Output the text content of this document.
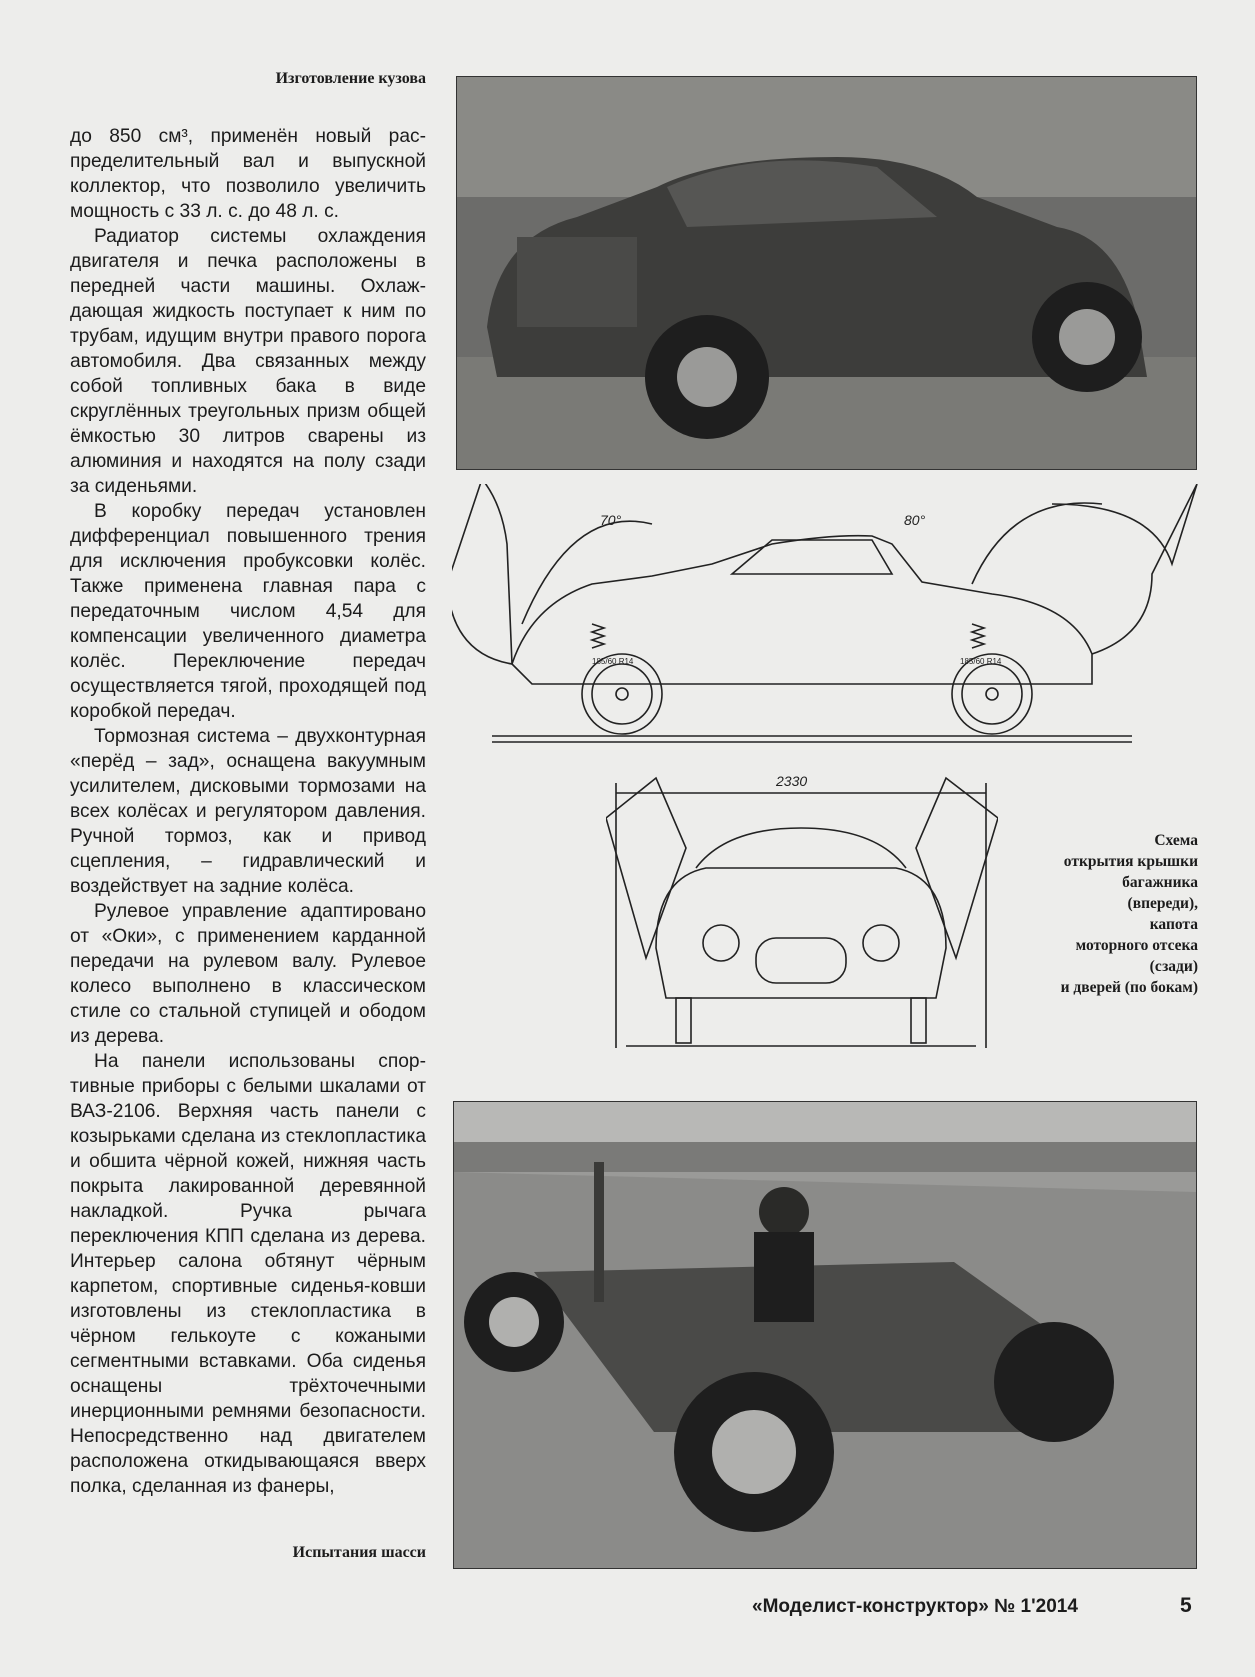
Изготовление кузова

до 850 см³, применён новый распределительный вал и выпускной коллектор, что позволило увеличить мощность с 33 л. с. до 48 л. с.

Радиатор системы охлаждения двигателя и печка расположены в передней части машины. Охлаждающая жидкость поступает к ним по трубам, идущим внутри правого порога автомобиля. Два связанных между собой топливных бака в виде скруглённых треугольных призм общей ёмкостью 30 литров сварены из алюминия и находятся на полу сзади за сиденьями.

В коробку передач установлен дифференциал повышенного трения для исключения пробуксовки колёс. Также применена главная пара с передаточным числом 4,54 для компенсации увеличенного диаметра колёс. Переключение передач осуществляется тягой, проходящей под коробкой передач.

Тормозная система – двухконтурная «перёд – зад», оснащена вакуумным усилителем, дисковыми тормозами на всех колёсах и регулятором давления. Ручной тормоз, как и привод сцепления, – гидравлический и воздействует на задние колёса.

Рулевое управление адаптировано от «Оки», с применением карданной передачи на рулевом валу. Рулевое колесо выполнено в классическом стиле со стальной ступицей и ободом из дерева.

На панели использованы спортивные приборы с белыми шкалами от ВАЗ-2106. Верхняя часть панели с козырьками сделана из стеклопластика и обшита чёрной кожей, нижняя часть покрыта лакированной деревянной накладкой. Ручка рычага переключения КПП сделана из дерева. Интерьер салона обтянут чёрным карпетом, спортивные сиденья-ковши изготовлены из стеклопластика в чёрном гелькоуте с кожаными сегментными вставками. Оба сиденья оснащены трёхточечными инерционными ремнями безопасности. Непосредственно над двигателем расположена откидывающаяся вверх полка, сделанная из фанеры,

Испытания шасси
70°	80°
185/60 R14	185/60 R14
2330
Схема
открытия крышки
багажника
(впереди),
капота
моторного отсека
(сзади)
и дверей (по бокам)
«Моделист-конструктор» № 1'2014	5
